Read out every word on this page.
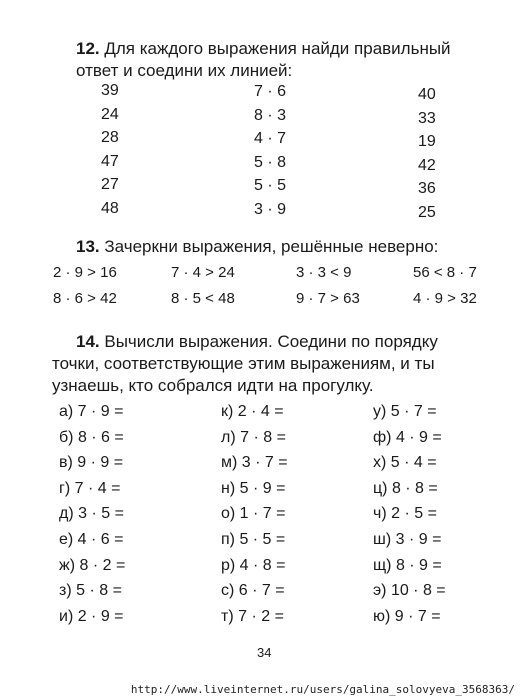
12. Для каждого выражения найди правильный
ответ и соедини их линией:
39
24
28
47
27
48
7 · 6
8 · 3
4 · 7
5 · 8
5 · 5
3 · 9
40
33
19
42
36
25
13. Зачеркни выражения, решённые неверно:
2 · 9 > 16	7 · 4 > 24	3 · 3 < 9	56 < 8 · 7
8 · 6 > 42	8 · 5 < 48	9 · 7 > 63	4 · 9 > 32
14. Вычисли выражения. Соедини по порядку
точки, соответствующие этим выражениям, и ты
узнаешь, кто собрался идти на прогулку.
а) 7 · 9 =
б) 8 · 6 =
в) 9 · 9 =
г) 7 · 4 =
д) 3 · 5 =
е) 4 · 6 =
ж) 8 · 2 =
з) 5 · 8 =
и) 2 · 9 =
к) 2 · 4 =
л) 7 · 8 =
м) 3 · 7 =
н) 5 · 9 =
о) 1 · 7 =
п) 5 · 5 =
р) 4 · 8 =
с) 6 · 7 =
т) 7 · 2 =
у) 5 · 7 =
ф) 4 · 9 =
х) 5 · 4 =
ц) 8 · 8 =
ч) 2 · 5 =
ш) 3 · 9 =
щ) 8 · 9 =
э) 10 · 8 =
ю) 9 · 7 =
34
http://www.liveinternet.ru/users/galina_solovyeva_3568363/
